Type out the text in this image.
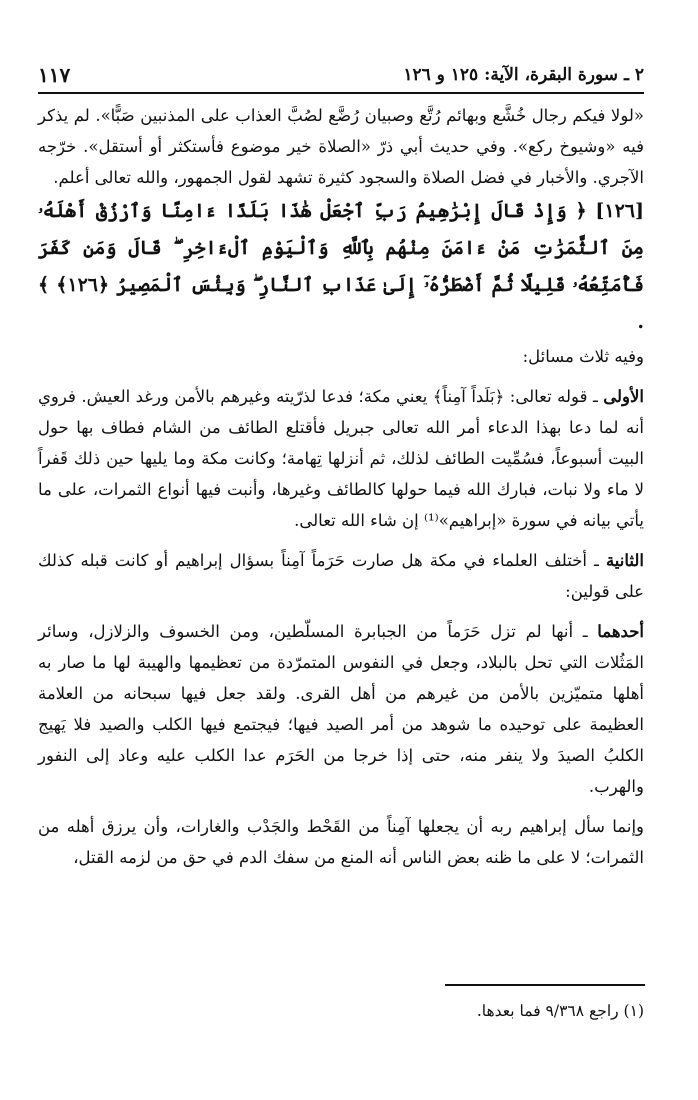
١١٧	٢ ـ سورة البقرة، الآية: ١٢٥ و ١٢٦

«لولا فيكم رجال خُشَّع وبهائم رُتَّع وصبيان رُضَّع لصُبَّ العذاب على المذنبين صَبًّا». لم يذكر فيه «وشيوخ ركع». وفي حديث أبي ذرّ «الصلاة خير موضوع فأستكثر أو أستقل». خرّجه الآجري. والأخبار في فضل الصلاة والسجود كثيرة تشهد لقول الجمهور، والله تعالى أعلم.

[١٢٦] ﴿ وَإِذْ قَالَ إِبْرَٰهِيمُ رَبِّ ٱجْعَلْ هَٰذَا بَلَدًا ءَامِنًا وَٱرْزُقْ أَهْلَهُۥ مِنَ ٱلثَّمَرَٰتِ مَنْ ءَامَنَ مِنْهُم بِٱللَّهِ وَٱلْيَوْمِ ٱلْءَاخِرِ ۖ قَالَ وَمَن كَفَرَ فَأُمَتِّعُهُۥ قَلِيلًا ثُمَّ أَضْطَرُّهُۥٓ إِلَىٰ عَذَابِ ٱلنَّارِ ۖ وَبِئْسَ ٱلْمَصِيرُ ﴿١٢٦﴾ ﴾ .

وفيه ثلاث مسائل:

الأولى ـ قوله تعالى: ﴿بَلَداً آمِناً﴾ يعني مكة؛ فدعا لذرّيته وغيرهم بالأمن ورغد العيش. فروي أنه لما دعا بهذا الدعاء أمر الله تعالى جبريل فأقتلع الطائف من الشام فطاف بها حول البيت أسبوعاً، فسُمِّيت الطائف لذلك، ثم أنزلها تِهامة؛ وكانت مكة وما يليها حين ذلك قَفراً لا ماء ولا نبات، فبارك الله فيما حولها كالطائف وغيرها، وأنبت فيها أنواع الثمرات، على ما يأتي بيانه في سورة «إبراهيم»⁽¹⁾ إن شاء الله تعالى.

الثانية ـ أختلف العلماء في مكة هل صارت حَرَماً آمِناً بسؤال إبراهيم أو كانت قبله كذلك على قولين:

أحدهما ـ أنها لم تزل حَرَماً من الجبابرة المسلّطين، ومن الخسوف والزلازل، وسائر المَثُلات التي تحل بالبلاد، وجعل في النفوس المتمرّدة من تعظيمها والهيبة لها ما صار به أهلها متميّزين بالأمن من غيرهم من أهل القرى. ولقد جعل فيها سبحانه من العلامة العظيمة على توحيده ما شوهد من أمر الصيد فيها؛ فيجتمع فيها الكلب والصيد فلا يَهيج الكلبُ الصيدَ ولا ينفر منه، حتى إذا خرجا من الحَرَم عدا الكلب عليه وعاد إلى النفور والهرب.

وإنما سأل إبراهيم ربه أن يجعلها آمِناً من القَحْط والجَدْب والغارات، وأن يرزق أهله من الثمرات؛ لا على ما ظنه بعض الناس أنه المنع من سفك الدم في حق من لزمه القتل،

(١) راجع ٩/٣٦٨ فما بعدها.
